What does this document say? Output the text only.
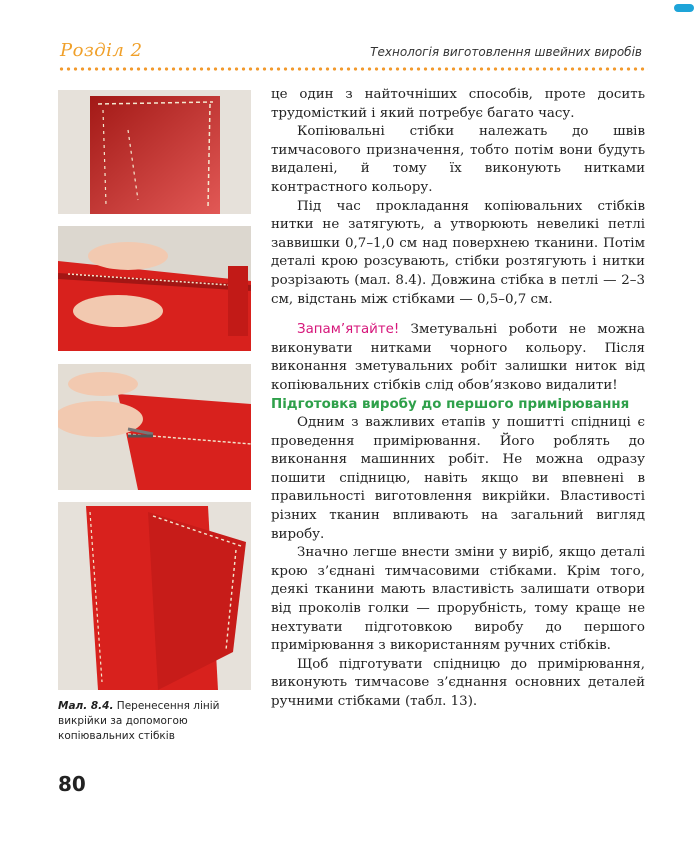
Розділ 2	Технологія виготовлення швейних виробів
Мал. 8.4. Перенесення ліній викрійки за допомогою копіювальних стібків

це один з найточніших способів, проте досить трудомісткий і який потребує багато часу.

Копіювальні стібки належать до швів тимчасового призначення, тобто потім вони будуть видалені, й тому їх виконують нитками контрастного кольору.

Під час прокладання копіювальних стібків нитки не затягують, а утворюють невеликі петлі заввишки 0,7–1,0 см над поверхнею тканини. Потім деталі крою розсувають, стібки розтягують і нитки розрізають (мал. 8.4). Довжина стібка в петлі — 2–3 см, відстань між стібками — 0,5–0,7 см.

Запам’ятайте! Зметувальні роботи не можна виконувати нитками чорного кольору. Після виконання зметувальних робіт залишки ниток від копіювальних стібків слід обов’язково видалити!

Підготовка виробу до першого примірювання

Одним з важливих етапів у пошитті спідниці є проведення примірювання. Його роблять до виконання машинних робіт. Не можна одразу пошити спідницю, навіть якщо ви впевнені в правильності виготовлення викрійки. Властивості різних тканин впливають на загальний вигляд виробу.

Значно легше внести зміни у виріб, якщо деталі крою з’єднані тимчасовими стібками. Крім того, деякі тканини мають властивість залишати отвори від проколів голки — прорубність, тому краще не нехтувати підготовкою виробу до першого примірювання з використанням ручних стібків.

Щоб підготувати спідницю до примірювання, виконують тимчасове з’єднання основних деталей ручними стібками (табл. 13).

80
